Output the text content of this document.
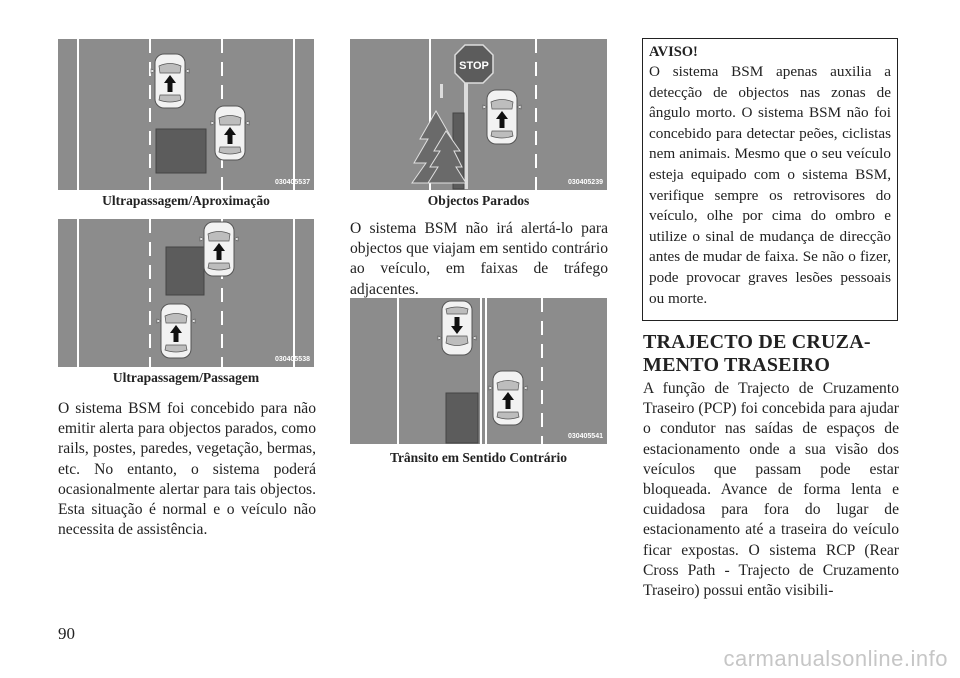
030405537
Ultrapassagem/Aproximação
030405538
Ultrapassagem/Passagem

O sistema BSM foi concebido para não emitir alerta para objectos parados, como rails, postes, paredes, vegetação, bermas, etc. No entanto, o sistema poderá ocasionalmente alertar para tais objectos. Esta situação é normal e o veículo não necessita de assistência.

STOP
030405239
Objectos Parados

O sistema BSM não irá alertá-lo para objectos que viajam em sentido contrário ao veículo, em faixas de tráfego adjacentes.

030405541
Trânsito em Sentido Contrário
AVISO!
O sistema BSM apenas auxilia a detecção de objectos nas zonas de ângulo morto. O sistema BSM não foi concebido para detectar peões, ciclistas nem animais. Mesmo que o seu veículo esteja equipado com o sistema BSM, verifique sempre os retrovisores do veículo, olhe por cima do ombro e utilize o sinal de mudança de direcção antes de mudar de faixa. Se não o fizer, pode provocar graves lesões pessoais ou morte.
TRAJECTO DE CRUZA-
MENTO TRASEIRO

A função de Trajecto de Cruzamento Traseiro (PCP) foi concebida para ajudar o condutor nas saídas de espaços de estacionamento onde a sua visão dos veículos que passam pode estar bloqueada. Avance de forma lenta e cuidadosa para fora do lugar de estacionamento até a traseira do veículo ficar expostas. O sistema RCP (Rear Cross Path - Trajecto de Cruzamento Traseiro) possui então visibili-

90
carmanualsonline.info
